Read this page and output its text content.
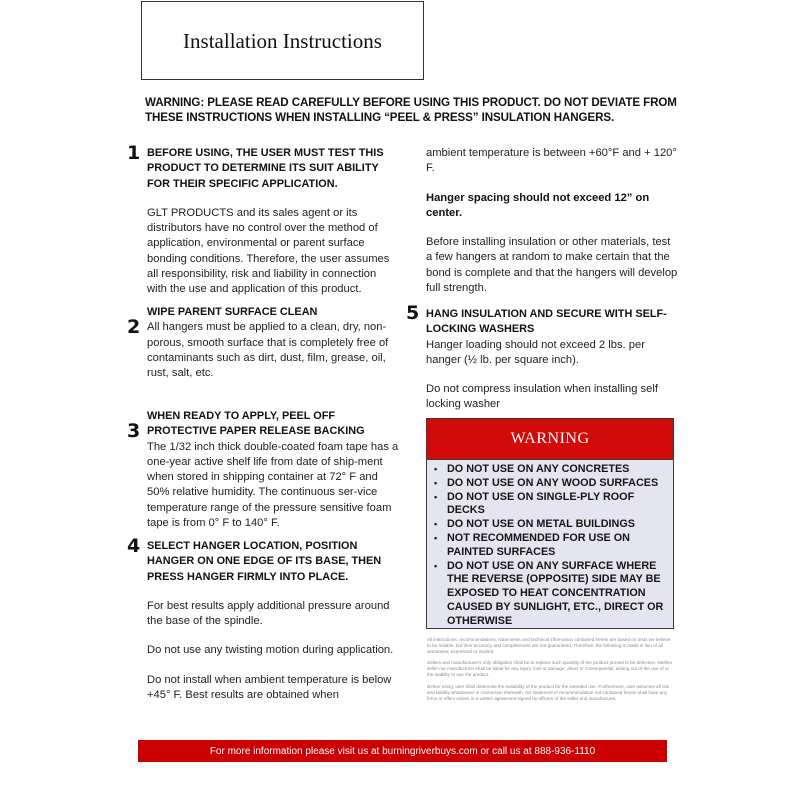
Installation Instructions
WARNING: PLEASE READ CAREFULLY BEFORE USING THIS PRODUCT. DO NOT DEVIATE FROM THESE INSTRUCTIONS WHEN INSTALLING “PEEL & PRESS” INSULATION HANGERS.
1 BEFORE USING, THE USER MUST TEST THIS PRODUCT TO DETERMINE ITS SUIT ABILITY FOR THEIR SPECIFIC APPLICATION.

GLT PRODUCTS and its sales agent or its distributors have no control over the method of application, environmental or parent surface bonding conditions. Therefore, the user assumes all responsibility, risk and liability in connection with the use and application of this product.

2
WIPE PARENT SURFACE CLEAN

All hangers must be applied to a clean, dry, non-porous, smooth surface that is completely free of contaminants such as dirt, dust, film, grease, oil, rust, salt, etc.

3
WHEN READY TO APPLY, PEEL OFF PROTECTIVE PAPER RELEASE BACKING

The 1/32 inch thick double-coated foam tape has a one-year active shelf life from date of ship-ment when stored in shipping container at 72° F and 50% relative humidity. The continuous ser-vice temperature range of the pressure sensitive foam tape is from 0° F to 140° F.

4 SELECT HANGER LOCATION, POSITION HANGER ON ONE EDGE OF ITS BASE, THEN PRESS HANGER FIRMLY INTO PLACE.

For best results apply additional pressure around the base of the spindle.

Do not use any twisting motion during application.

Do not install when ambient temperature is below +45° F. Best results are obtained when

ambient temperature is between +60°F and + 120° F.

Hanger spacing should not exceed 12” on center.

Before installing insulation or other materials, test a few hangers at random to make certain that the bond is complete and that the hangers will develop full strength.

5 HANG INSULATION AND SECURE WITH SELF-LOCKING WASHERS

Hanger loading should not exceed 2 lbs. per hanger (½ lb. per square inch).

Do not compress insulation when installing self locking washer

WARNING
• DO NOT USE ON ANY CONCRETES
• DO NOT USE ON ANY WOOD SURFACES
• DO NOT USE ON SINGLE-PLY ROOF DECKS
• DO NOT USE ON METAL BUILDINGS
• NOT RECOMMENDED FOR USE ON PAINTED SURFACES
• DO NOT USE ON ANY SURFACE WHERE THE REVERSE (OPPOSITE) SIDE MAY BE EXPOSED TO HEAT CONCENTRATION CAUSED BY SUNLIGHT, ETC., DIRECT OR OTHERWISE

All instructions, recommendations, statements and technical information contained herein are based on tests we believe to be reliable, but their accuracy and completeness are not guaranteed. Therefore, the following is made in lieu of all warranties, expressed or implied.

Sellers and manufacturer's only obligation shall be to replace such quantity of the product proved to be defective. Neither seller nor manufacturer shall be liable for any injury, loss or damage, direct or consequential, arising out of the use of or the inability to use the product.

Before using, user shall determine the suitability of the product for the intended use. Furthermore, user assumes all risk and liability whatsoever in connection therewith. No statement or recommendation not contained herein shall have any force or effect unless in a written agreement signed by officers of the seller and manufacturer.

For more information please visit us at burningriverbuys.com or call us at 888-936-1110
